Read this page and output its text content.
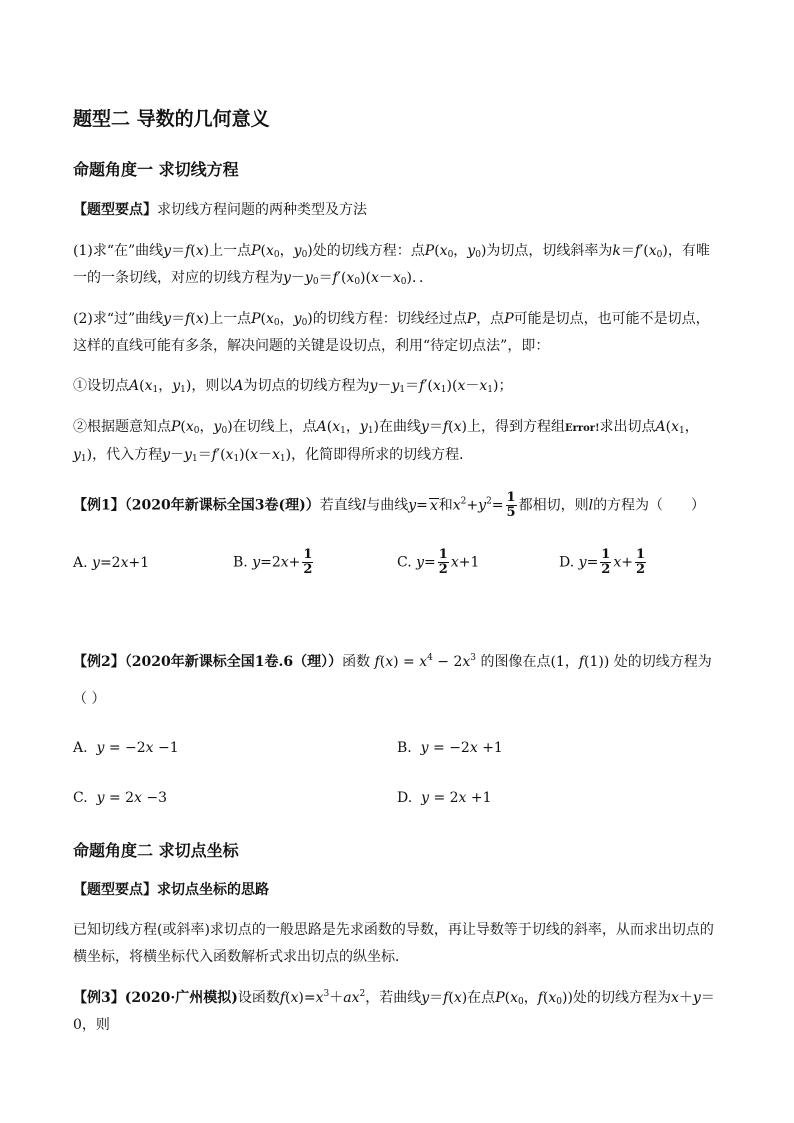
题型二 导数的几何意义
命题角度一 求切线方程
【题型要点】求切线方程问题的两种类型及方法
(1)求“在”曲线y＝f(x)上一点$P(x_0$，$y_0$)处的切线方程：点$P(x_0$，$y_0$)为切点，切线斜率为$k=f'(x_0)$，有唯一的一条切线，对应的切线方程为$y-y_0=f'(x_0)(x-x_0)$．．
(2)求“过”曲线y＝f(x)上一点$P(x_0$，$y_0$)的切线方程：切线经过点P，点P可能是切点，也可能不是切点，这样的直线可能有多条，解决问题的关键是设切点，利用“待定切点法”，即：
①设切点$A(x_1$，$y_1$)，则以A为切点的切线方程为$y-y_1=f'(x_1)(x-x_1)$；
②根据题意知点$P(x_0$，$y_0$)在切线上，点$A(x_1$，$y_1$)在曲线y＝f(x)上，得到方程组Error!求出切点$A(x_1$，$y_1$)，代入方程$y-y_1=f'(x_1)(x-x_1)$，化简即得所求的切线方程．
【例1】（2020年新课标全国3卷(理)）若直线l与曲线y= x和$x^2+y^2= \frac{1}{5}$ 都相切，则l的方程为（　　）
A. y=2x+1	B. $y=2x+ \frac{1}{2}$	C. $y= \frac{1}{2} x+1$	D. $y= \frac{1}{2} x+ \frac{1}{2}$
【例2】（2020年新课标全国1卷.6（理））函数 $f(x) = x^4 - 2x^3$ 的图像在点(1，f(1)) 处的切线方程为
（ ）
A.  y = −2x −1	B.  y = −2x +1
C.  y = 2x −3	D.  y = 2x +1
命题角度二 求切点坐标
【题型要点】求切点坐标的思路
已知切线方程(或斜率)求切点的一般思路是先求函数的导数，再让导数等于切线的斜率，从而求出切点的横坐标，将横坐标代入函数解析式求出切点的纵坐标．
【例3】(2020·广州模拟)设函数$f(x)=x^3+ax^2$，若曲线y＝f(x)在点$P(x_0$，$f(x_0)$)处的切线方程为x＋y＝0，则
